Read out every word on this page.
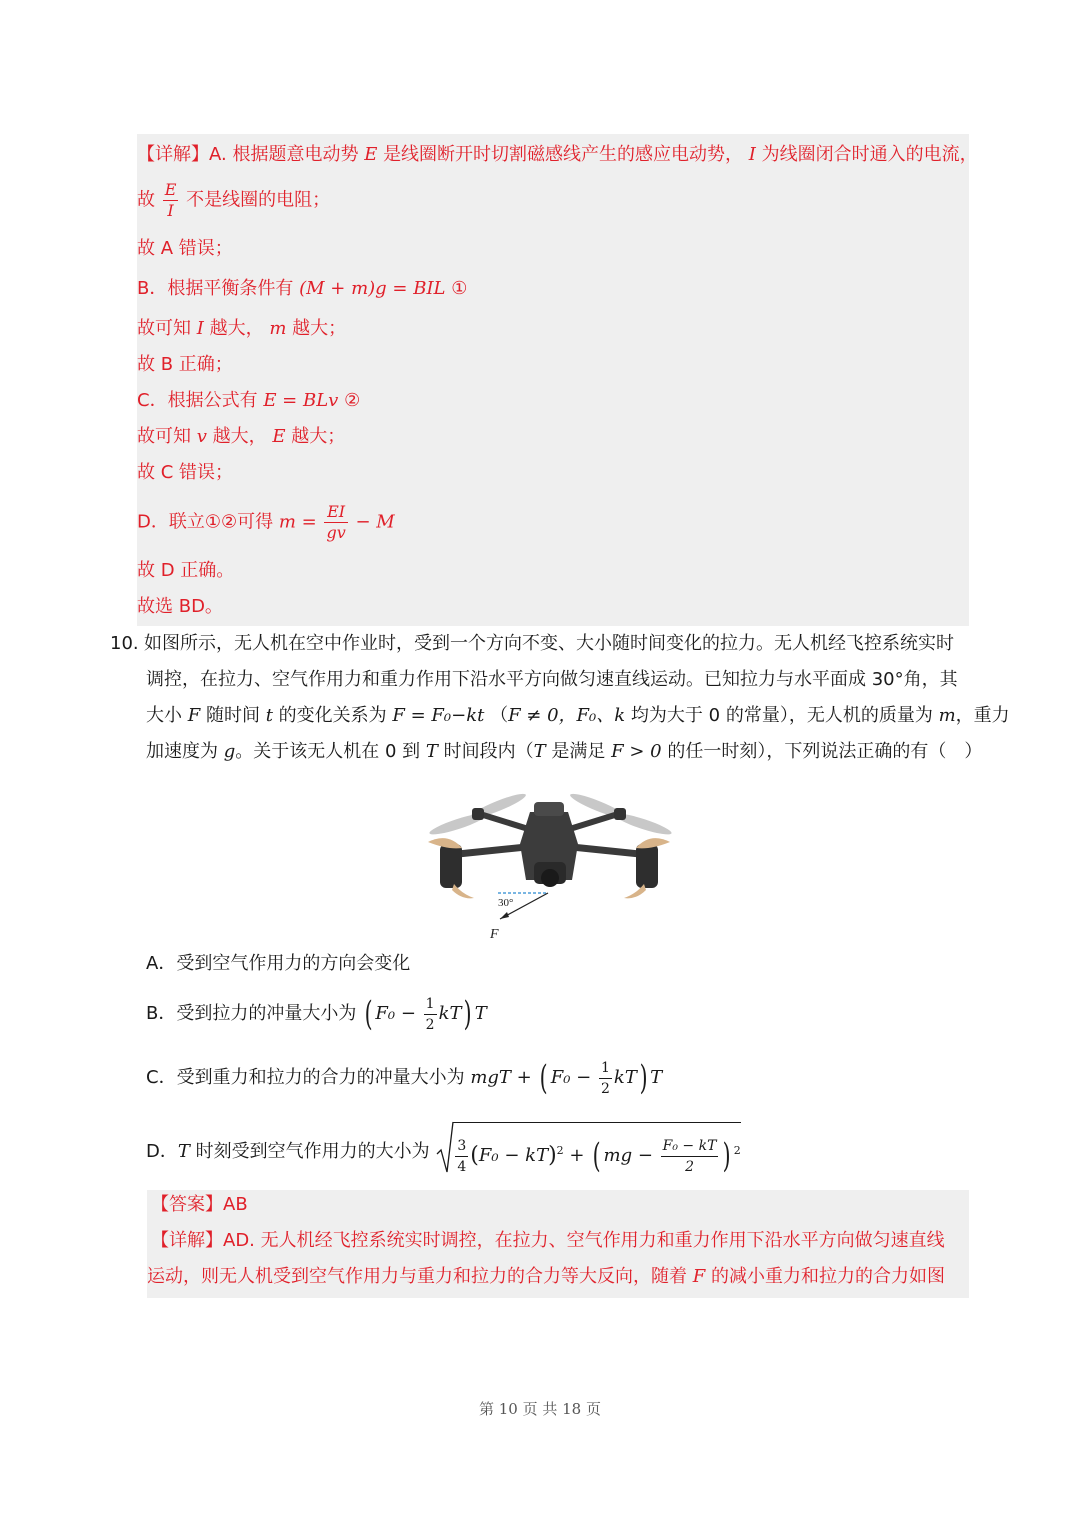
【详解】A. 根据题意电动势 E 是线圈断开时切割磁感线产生的感应电动势， I 为线圈闭合时通入的电流，
故 $\frac{E}{I}$ 不是线圈的电阻；
故 A 错误；
B．根据平衡条件有 (M + m)g = BIL ①
故可知 I 越大， m 越大；
故 B 正确；
C．根据公式有 E = BLv ②
故可知 v 越大， E 越大；
故 C 错误；
D．联立①②可得 $m = \frac{EI}{gv} - M$
故 D 正确。
故选 BD。
10. 如图所示，无人机在空中作业时，受到一个方向不变、大小随时间变化的拉力。无人机经飞控系统实时
调控，在拉力、空气作用力和重力作用下沿水平方向做匀速直线运动。已知拉力与水平面成 30°角，其
大小 F 随时间 t 的变化关系为 F = F₀−kt （F ≠ 0，F₀、k 均为大于 0 的常量），无人机的质量为 m，重力
加速度为 g。关于该无人机在 0 到 T 时间段内（T 是满足 F > 0 的任一时刻），下列说法正确的有（　）
30°
F
A．受到空气作用力的方向会变化
B．受到拉力的冲量大小为 ( $F_0 - \frac{1}{2} kT$) T
C．受到重力和拉力的合力的冲量大小为 mgT + ( $F_0 - \frac{1}{2} kT$) T
D．T 时刻受到空气作用力的大小为 $\frac{3}{4} (F_0 - kT)^2$ + ( mg − $\frac{\text{F₀ − kT}}{2}$ ) $^2$
【答案】AB
【详解】AD. 无人机经飞控系统实时调控，在拉力、空气作用力和重力作用下沿水平方向做匀速直线
运动，则无人机受到空气作用力与重力和拉力的合力等大反向，随着 F 的减小重力和拉力的合力如图
第 10 页 共 18 页
